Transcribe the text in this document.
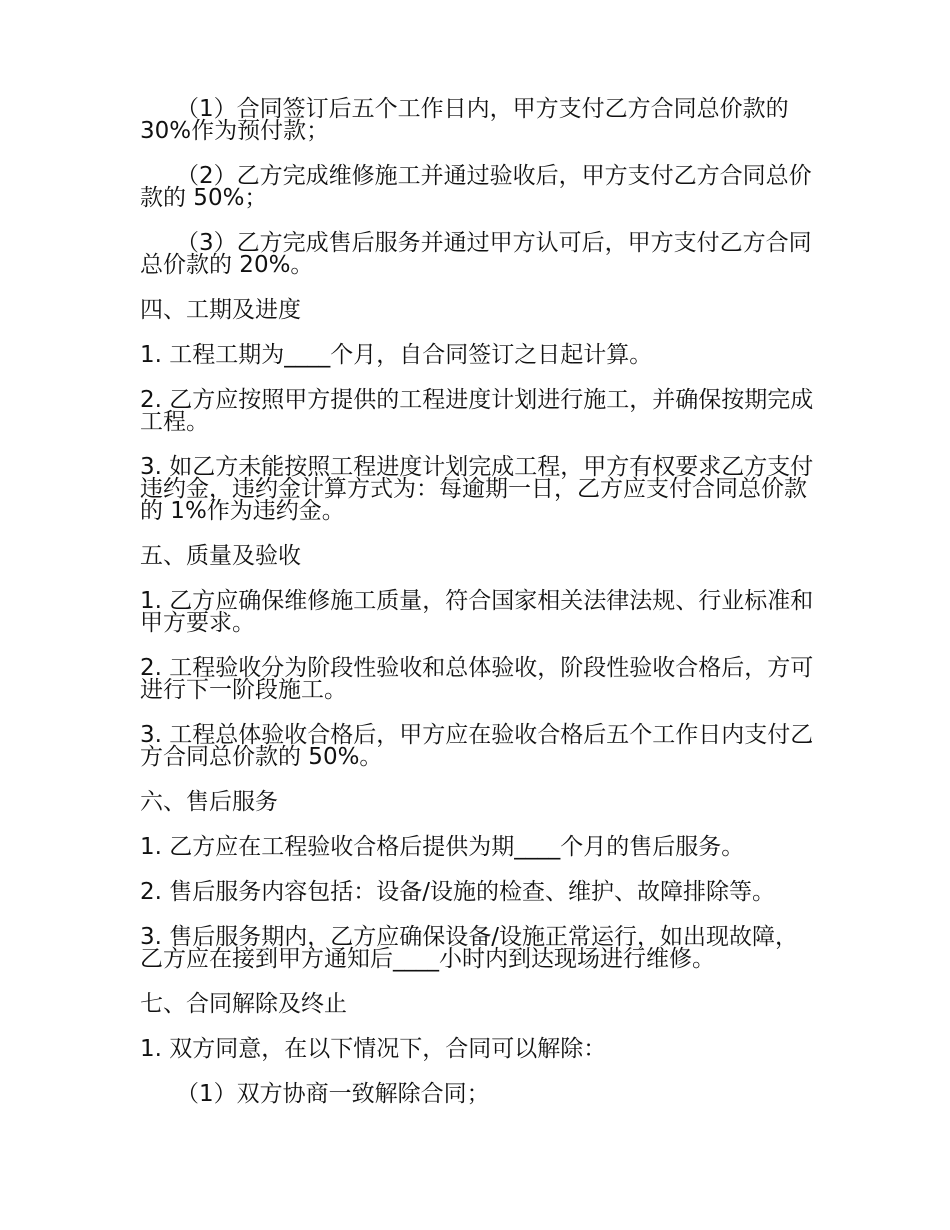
（1）合同签订后五个工作日内，甲方支付乙方合同总价款的 30%作为预付款；

（2）乙方完成维修施工并通过验收后，甲方支付乙方合同总价款的 50%；

（3）乙方完成售后服务并通过甲方认可后，甲方支付乙方合同总价款的 20%。

四、工期及进度

1. 工程工期为____个月，自合同签订之日起计算。

2. 乙方应按照甲方提供的工程进度计划进行施工，并确保按期完成工程。

3. 如乙方未能按照工程进度计划完成工程，甲方有权要求乙方支付违约金，违约金计算方式为：每逾期一日，乙方应支付合同总价款的 1%作为违约金。

五、质量及验收

1. 乙方应确保维修施工质量，符合国家相关法律法规、行业标准和甲方要求。

2. 工程验收分为阶段性验收和总体验收，阶段性验收合格后，方可进行下一阶段施工。

3. 工程总体验收合格后，甲方应在验收合格后五个工作日内支付乙方合同总价款的 50%。

六、售后服务

1. 乙方应在工程验收合格后提供为期____个月的售后服务。

2. 售后服务内容包括：设备/设施的检查、维护、故障排除等。

3. 售后服务期内，乙方应确保设备/设施正常运行，如出现故障，乙方应在接到甲方通知后____小时内到达现场进行维修。

七、合同解除及终止

1. 双方同意，在以下情况下，合同可以解除：

（1）双方协商一致解除合同；
